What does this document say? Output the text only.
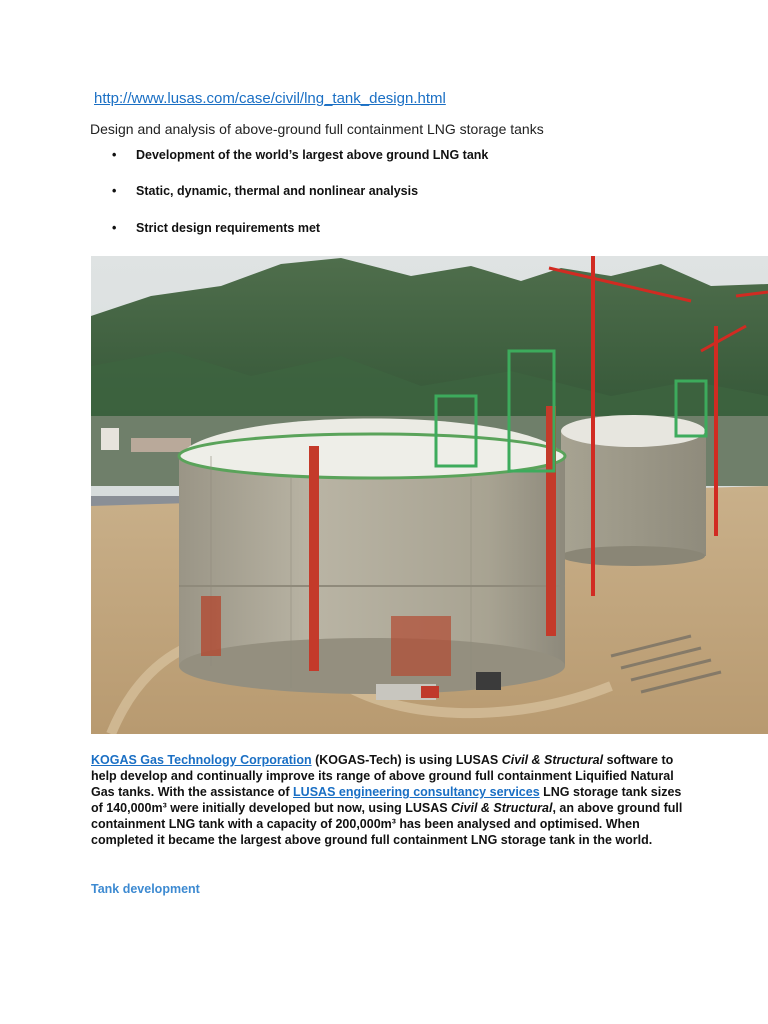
http://www.lusas.com/case/civil/lng_tank_design.html
Design and analysis of above-ground full containment LNG storage tanks
• Development of the world’s largest above ground LNG tank
• Static, dynamic, thermal and nonlinear analysis
• Strict design requirements met
KOGAS Gas Technology Corporation (KOGAS-Tech) is using LUSAS Civil & Structural software to help develop and continually improve its range of above ground full containment Liquified Natural Gas tanks. With the assistance of LUSAS engineering consultancy services LNG storage tank sizes of 140,000m³ were initially developed but now, using LUSAS Civil & Structural, an above ground full containment LNG tank with a capacity of 200,000m³ has been analysed and optimised. When completed it became the largest above ground full containment LNG storage tank in the world.
Tank development
